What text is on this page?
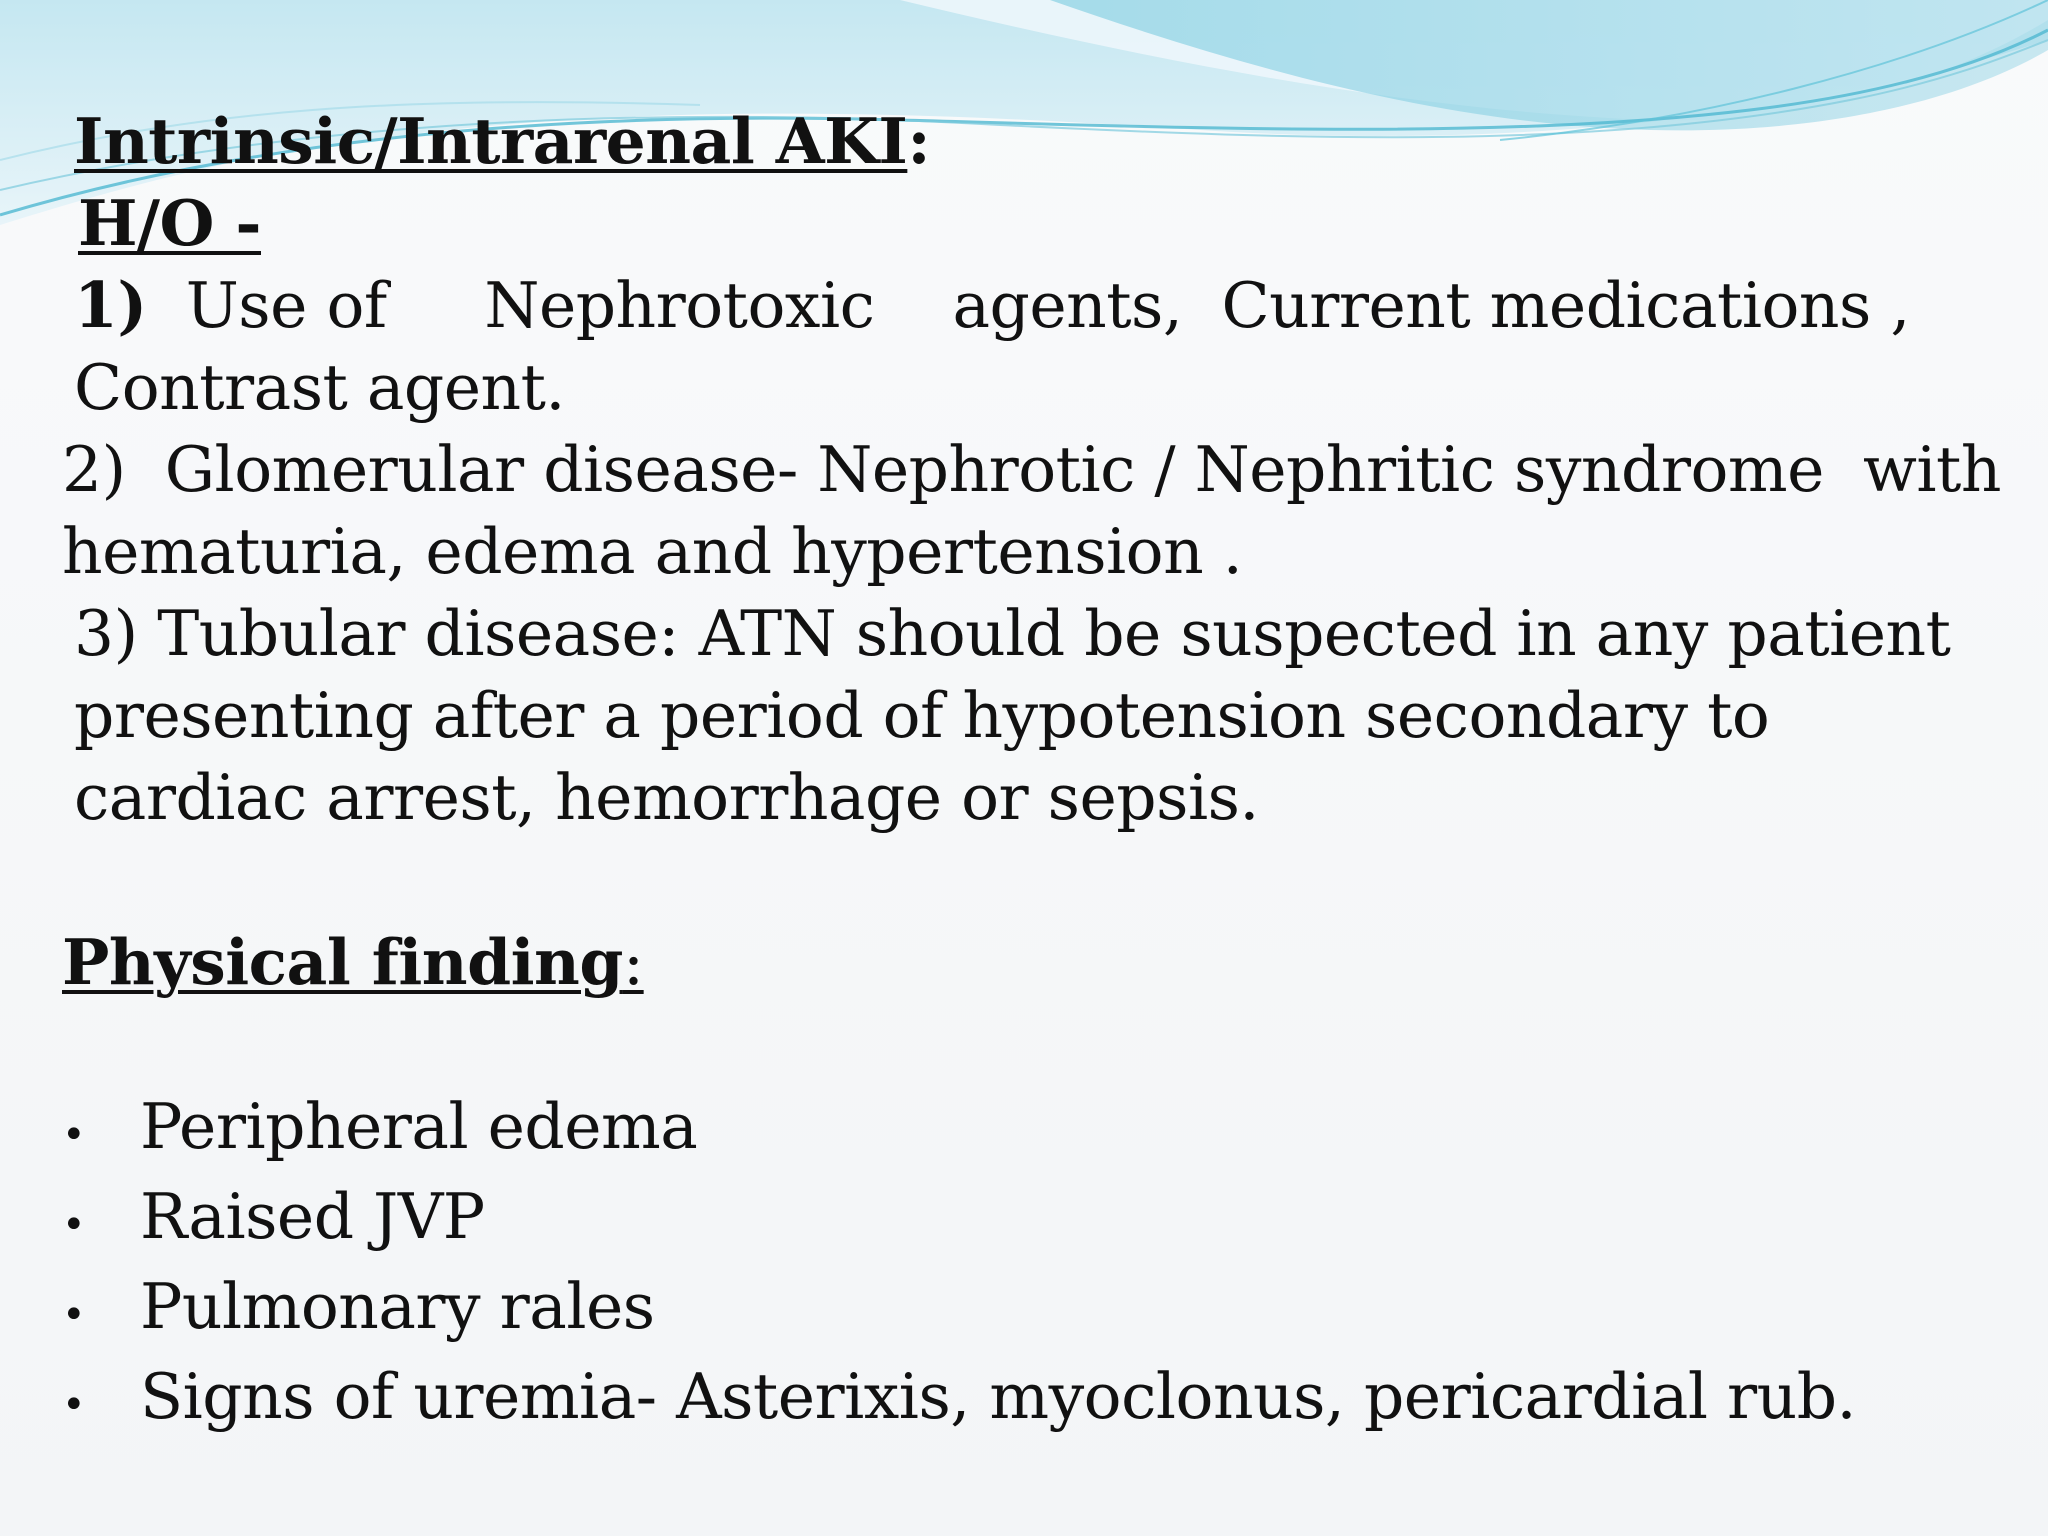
Intrinsic/Intrarenal AKI:
H/O -
1)  Use of     Nephrotoxic    agents,  Current medications , Contrast agent.
2)  Glomerular disease- Nephrotic / Nephritic syndrome  with hematuria, edema and hypertension .
3) Tubular disease: ATN should be suspected in any patient presenting after a period of hypotension secondary to cardiac arrest, hemorrhage or sepsis.
Physical finding:
• Peripheral edema
• Raised JVP
• Pulmonary rales
• Signs of uremia- Asterixis, myoclonus, pericardial rub.
